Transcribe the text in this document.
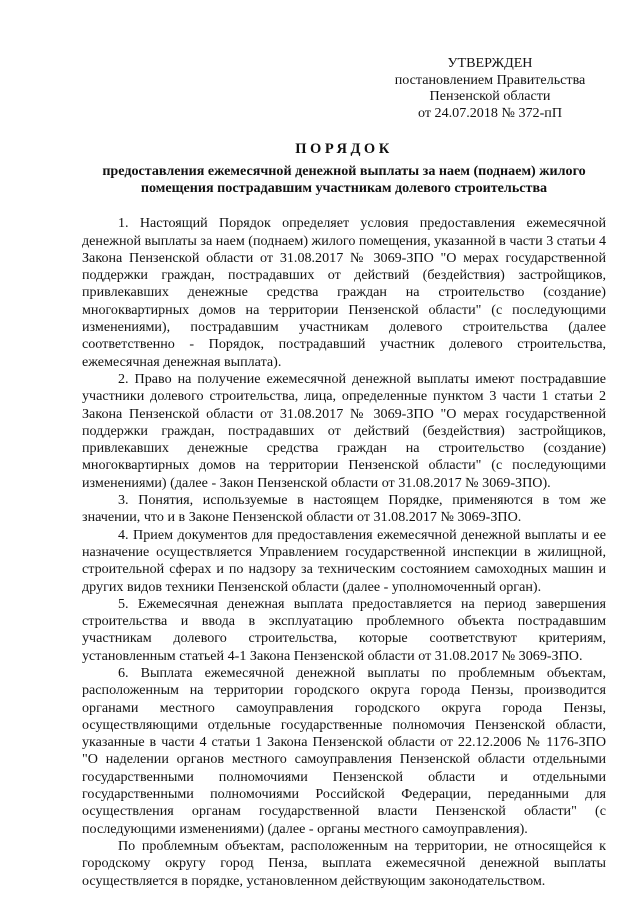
УТВЕРЖДЕН
постановлением Правительства
Пензенской области
от 24.07.2018 № 372-пП
ПОРЯДОК
предоставления ежемесячной денежной выплаты за наем (поднаем) жилого помещения пострадавшим участникам долевого строительства

1. Настоящий Порядок определяет условия предоставления ежемесячной денежной выплаты за наем (поднаем) жилого помещения, указанной в части 3 статьи 4 Закона Пензенской области от 31.08.2017 № 3069-ЗПО "О мерах государственной поддержки граждан, пострадавших от действий (бездействия) застройщиков, привлекавших денежные средства граждан на строительство (создание) многоквартирных домов на территории Пензенской области" (с последующими изменениями), пострадавшим участникам долевого строительства (далее соответственно - Порядок, пострадавший участник долевого строительства, ежемесячная денежная выплата).

2. Право на получение ежемесячной денежной выплаты имеют пострадавшие участники долевого строительства, лица, определенные пунктом 3 части 1 статьи 2 Закона Пензенской области от 31.08.2017 № 3069-ЗПО "О мерах государственной поддержки граждан, пострадавших от действий (бездействия) застройщиков, привлекавших денежные средства граждан на строительство (создание) многоквартирных домов на территории Пензенской области" (с последующими изменениями) (далее - Закон Пензенской области от 31.08.2017 № 3069-ЗПО).

3. Понятия, используемые в настоящем Порядке, применяются в том же значении, что и в Законе Пензенской области от 31.08.2017 № 3069-ЗПО.

4. Прием документов для предоставления ежемесячной денежной выплаты и ее назначение осуществляется Управлением государственной инспекции в жилищной, строительной сферах и по надзору за техническим состоянием самоходных машин и других видов техники Пензенской области (далее - уполномоченный орган).

5. Ежемесячная денежная выплата предоставляется на период завершения строительства и ввода в эксплуатацию проблемного объекта пострадавшим участникам долевого строительства, которые соответствуют критериям, установленным статьей 4-1 Закона Пензенской области от 31.08.2017 № 3069-ЗПО.

6. Выплата ежемесячной денежной выплаты по проблемным объектам, расположенным на территории городского округа города Пензы, производится органами местного самоуправления городского округа города Пензы, осуществляющими отдельные государственные полномочия Пензенской области, указанные в части 4 статьи 1 Закона Пензенской области от 22.12.2006 № 1176-ЗПО "О наделении органов местного самоуправления Пензенской области отдельными государственными полномочиями Пензенской области и отдельными государственными полномочиями Российской Федерации, переданными для осуществления органам государственной власти Пензенской области" (с последующими изменениями) (далее - органы местного самоуправления).

По проблемным объектам, расположенным на территории, не относящейся к городскому округу город Пенза, выплата ежемесячной денежной выплаты осуществляется в порядке, установленном действующим законодательством.
